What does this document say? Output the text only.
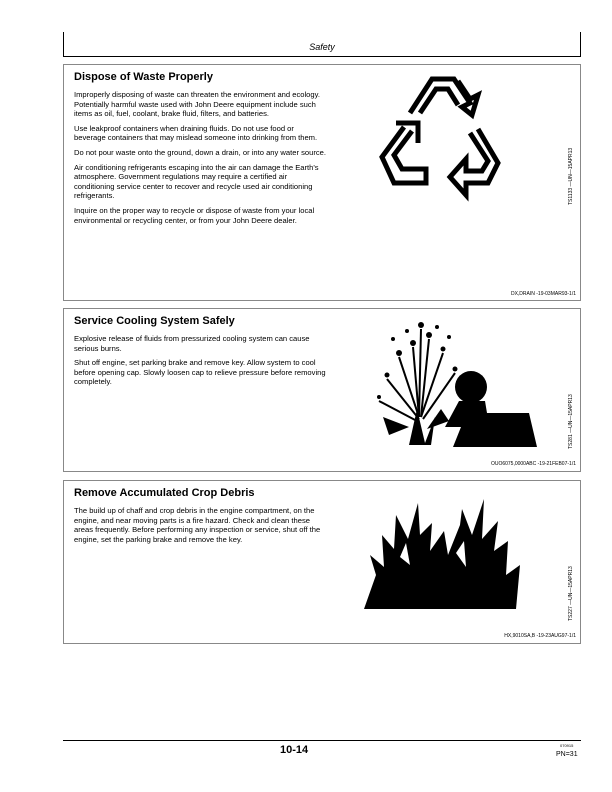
Safety
Dispose of Waste Properly

Improperly disposing of waste can threaten the environment and ecology. Potentially harmful waste used with John Deere equipment include such items as oil, fuel, coolant, brake fluid, filters, and batteries.

Use leakproof containers when draining fluids. Do not use food or beverage containers that may mislead someone into drinking from them.

Do not pour waste onto the ground, down a drain, or into any water source.

Air conditioning refrigerants escaping into the air can damage the Earth's atmosphere. Government regulations may require a certified air conditioning service center to recover and recycle used air conditioning refrigerants.

Inquire on the proper way to recycle or dispose of waste from your local environmental or recycling center, or from your John Deere dealer.

TS1133 —UN—15APR13
DX,DRAIN -19-03MAR93-1/1
Service Cooling System Safely

Explosive release of fluids from pressurized cooling system can cause serious burns.

Shut off engine, set parking brake and remove key. Allow system to cool before opening cap. Slowly loosen cap to relieve pressure before removing completely.

TS281 —UN—15APR13
OUO6075,0000ABC -19-21FEB07-1/1
Remove Accumulated Crop Debris

The build up of chaff and crop debris in the engine compartment, on the engine, and near moving parts is a fire hazard. Check and clean these areas frequently. Before performing any inspection or service, shut off the engine, set the parking brake and remove the key.

TS227 —UN—15APR13
HX,9010SA,B -19-23AUG97-1/1
10-14	070915
PN=31
